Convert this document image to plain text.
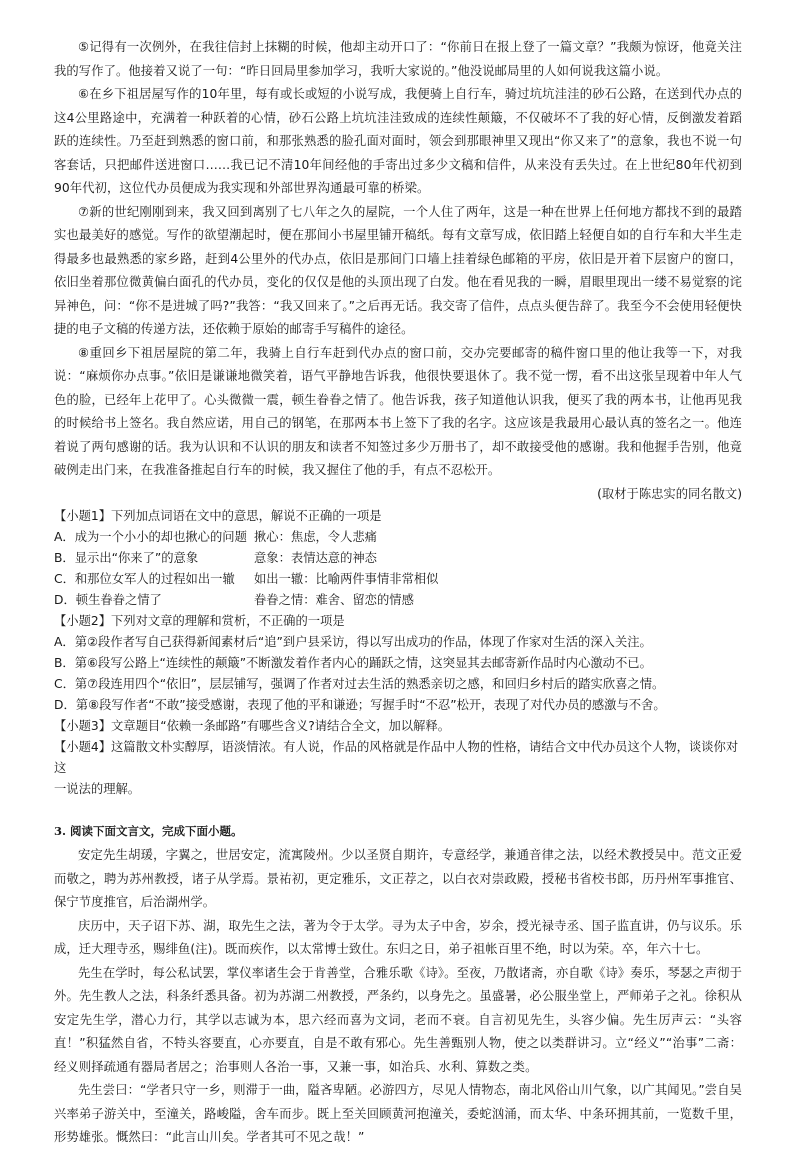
⑤记得有一次例外，在我往信封上抹糊的时候，他却主动开口了：“你前日在报上登了一篇文章？”我颇为惊讶，他竟关注我的写作了。他接着又说了一句：“昨日回局里参加学习，我听大家说的。”他没说邮局里的人如何说我这篇小说。

⑥在乡下祖居屋写作的10年里，每有或长或短的小说写成，我便骑上自行车，骑过坑坑洼洼的砂石公路，在送到代办点的这4公里路途中，充满着一种跃着的心情，砂石公路上坑坑洼洼致成的连续性颠簸，不仅破坏不了我的好心情，反倒激发着蹈跃的连续性。乃至赶到熟悉的窗口前，和那张熟悉的脸孔面对面时，领会到那眼神里又现出“你又来了”的意象，我也不说一句客套话，只把邮件送进窗口……我已记不清10年间经他的手寄出过多少文稿和信件，从来没有丢失过。在上世纪80年代初到90年代初，这位代办员便成为我实现和外部世界沟通最可靠的桥梁。

⑦新的世纪刚刚到来，我又回到离别了七八年之久的屋院，一个人住了两年，这是一种在世界上任何地方都找不到的最踏实也最美好的感觉。写作的欲望潮起时，便在那间小书屋里铺开稿纸。每有文章写成，依旧踏上轻便自如的自行车和大半生走得最多也最熟悉的家乡路，赶到4公里外的代办点，依旧是那间门口墙上挂着绿色邮箱的平房，依旧是开着下层窗户的窗口，依旧坐着那位微黄偏白面孔的代办员，变化的仅仅是他的头顶出现了白发。他在看见我的一瞬，眉眼里现出一缕不易觉察的诧异神色，问：“你不是进城了吗?”我答：“我又回来了。”之后再无话。我交寄了信件，点点头便告辞了。我至今不会使用轻便快捷的电子文稿的传递方法，还依赖于原始的邮寄手写稿件的途径。

⑧重回乡下祖居屋院的第二年，我骑上自行车赶到代办点的窗口前，交办完要邮寄的稿件窗口里的他让我等一下，对我说：“麻烦你办点事。”依旧是谦谦地微笑着，语气平静地告诉我，他很快要退休了。我不觉一愣，看不出这张呈现着中年人气色的脸，已经年上花甲了。心头微微一震，顿生眷眷之情了。他告诉我，孩子知道他认识我，便买了我的两本书，让他再见我的时候给书上签名。我自然应诺，用自己的钢笔，在那两本书上签下了我的名字。这应该是我最用心最认真的签名之一。他连着说了两句感谢的话。我为认识和不认识的朋友和读者不知签过多少万册书了，却不敢接受他的感谢。我和他握手告别，他竟破例走出门来，在我准备推起自行车的时候，我又握住了他的手，有点不忍松开。

(取材于陈忠实的同名散文)

【小题1】下列加点词语在文中的意思，解说不正确的一项是

A．成为一个小小的却也揪心的问题 揪心：焦虑，令人悲痛
B．显示出“你来了”的意象	意象：表情达意的神态
C．和那位女军人的过程如出一辙	如出一辙：比喻两件事情非常相似
D．顿生眷眷之情了	眷眷之情：难舍、留恋的情感

【小题2】下列对文章的理解和赏析，不正确的一项是

A．第②段作者写自己获得新闻素材后“追”到户县采访，得以写出成功的作品，体现了作家对生活的深入关注。

B．第⑥段写公路上“连续性的颠簸”不断激发着作者内心的踊跃之情，这突显其去邮寄新作品时内心激动不已。

C．第⑦段连用四个“依旧”，层层铺写，强调了作者对过去生活的熟悉亲切之感，和回归乡村后的踏实欣喜之情。

D．第⑧段写作者“不敢”接受感谢，表现了他的平和谦逊；写握手时“不忍”松开，表现了对代办员的感激与不舍。

【小题3】文章题目“依赖一条邮路”有哪些含义?请结合全文，加以解释。

【小题4】这篇散文朴实醇厚，语淡情浓。有人说，作品的风格就是作品中人物的性格，请结合文中代办员这个人物，谈谈你对这

一说法的理解。

3. 阅读下面文言文，完成下面小题。

安定先生胡瑗，字翼之，世居安定，流寓陵州。少以圣贤自期许，专意经学，兼通音律之法，以经术教授吴中。范文正爱而敬之，聘为苏州教授，诸子从学焉。景祐初，更定雅乐，文正荐之，以白衣对崇政殿，授秘书省校书郎，历丹州军事推官、保宁节度推官，后治湖州学。

庆历中，天子诏下苏、湖，取先生之法，著为令于太学。寻为太子中舍，岁余，授光禄寺丞、国子监直讲，仍与议乐。乐成，迁大理寺丞，赐绯鱼(注)。既而疾作，以太常博士致仕。东归之日，弟子祖帐百里不绝，时以为荣。卒，年六十七。

先生在学时，每公私试罢，掌仪率诸生会于肯善堂，合雅乐歌《诗》。至夜，乃散诸斋，亦自歌《诗》奏乐，琴瑟之声彻于外。先生教人之法，科条纤悉具备。初为苏湖二州教授，严条约，以身先之。虽盛暑，必公服坐堂上，严师弟子之礼。徐积从安定先生学，潜心力行，其学以志诚为本，思六经而喜为文词，老而不衰。自言初见先生，头容少偏。先生厉声云：“头容直！”积猛然自省，不特头容要直，心亦要直，自是不敢有邪心。先生善甄别人物，使之以类群讲习。立“经义”“治事”二斋：经义则择疏通有器局者居之；治事则人各治一事，又兼一事，如治兵、水利、算数之类。

先生尝曰：“学者只守一乡，则滞于一曲，隘吝卑陋。必游四方，尽见人情物态，南北风俗山川气象，以广其闻见。”尝自吴兴率弟子游关中，至潼关，路峻隘，舍车而步。既上至关回顾黄河抱潼关，委蛇汹涌，而太华、中条环拥其前，一览数千里，形势雄张。慨然曰：“此言山川矣。学者其可不见之哉！”
